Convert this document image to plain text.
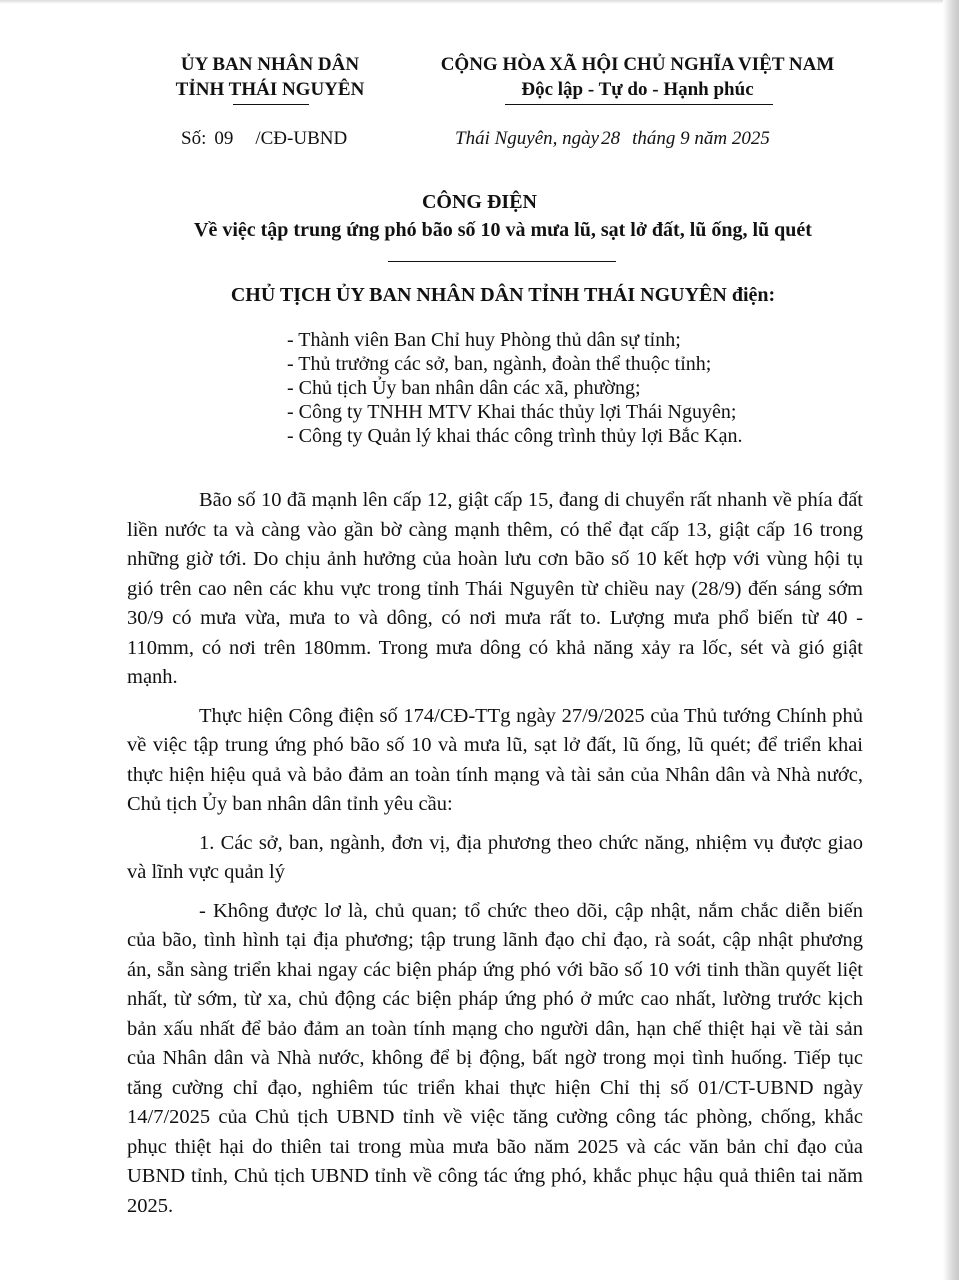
ỦY BAN NHÂN DÂN
TỈNH THÁI NGUYÊN
CỘNG HÒA XÃ HỘI CHỦ NGHĨA VIỆT NAM
Độc lập - Tự do - Hạnh phúc
Số: 09 /CĐ-UBND	Thái Nguyên, ngày 28 tháng 9 năm 2025
CÔNG ĐIỆN
Về việc tập trung ứng phó bão số 10 và mưa lũ, sạt lở đất, lũ ống, lũ quét
CHỦ TỊCH ỦY BAN NHÂN DÂN TỈNH THÁI NGUYÊN điện:
- Thành viên Ban Chỉ huy Phòng thủ dân sự tỉnh;
- Thủ trưởng các sở, ban, ngành, đoàn thể thuộc tỉnh;
- Chủ tịch Ủy ban nhân dân các xã, phường;
- Công ty TNHH MTV Khai thác thủy lợi Thái Nguyên;
- Công ty Quản lý khai thác công trình thủy lợi Bắc Kạn.

Bão số 10 đã mạnh lên cấp 12, giật cấp 15, đang di chuyển rất nhanh về phía đất liền nước ta và càng vào gần bờ càng mạnh thêm, có thể đạt cấp 13, giật cấp 16 trong những giờ tới. Do chịu ảnh hưởng của hoàn lưu cơn bão số 10 kết hợp với vùng hội tụ gió trên cao nên các khu vực trong tỉnh Thái Nguyên từ chiều nay (28/9) đến sáng sớm 30/9 có mưa vừa, mưa to và dông, có nơi mưa rất to. Lượng mưa phổ biến từ 40 - 110mm, có nơi trên 180mm. Trong mưa dông có khả năng xảy ra lốc, sét và gió giật mạnh.

Thực hiện Công điện số 174/CĐ-TTg ngày 27/9/2025 của Thủ tướng Chính phủ về việc tập trung ứng phó bão số 10 và mưa lũ, sạt lở đất, lũ ống, lũ quét; để triển khai thực hiện hiệu quả và bảo đảm an toàn tính mạng và tài sản của Nhân dân và Nhà nước, Chủ tịch Ủy ban nhân dân tỉnh yêu cầu:

1. Các sở, ban, ngành, đơn vị, địa phương theo chức năng, nhiệm vụ được giao và lĩnh vực quản lý

- Không được lơ là, chủ quan; tổ chức theo dõi, cập nhật, nắm chắc diễn biến của bão, tình hình tại địa phương; tập trung lãnh đạo chỉ đạo, rà soát, cập nhật phương án, sẵn sàng triển khai ngay các biện pháp ứng phó với bão số 10 với tinh thần quyết liệt nhất, từ sớm, từ xa, chủ động các biện pháp ứng phó ở mức cao nhất, lường trước kịch bản xấu nhất để bảo đảm an toàn tính mạng cho người dân, hạn chế thiệt hại về tài sản của Nhân dân và Nhà nước, không để bị động, bất ngờ trong mọi tình huống. Tiếp tục tăng cường chỉ đạo, nghiêm túc triển khai thực hiện Chỉ thị số 01/CT-UBND ngày 14/7/2025 của Chủ tịch UBND tỉnh về việc tăng cường công tác phòng, chống, khắc phục thiệt hại do thiên tai trong mùa mưa bão năm 2025 và các văn bản chỉ đạo của UBND tỉnh, Chủ tịch UBND tỉnh về công tác ứng phó, khắc phục hậu quả thiên tai năm 2025.
